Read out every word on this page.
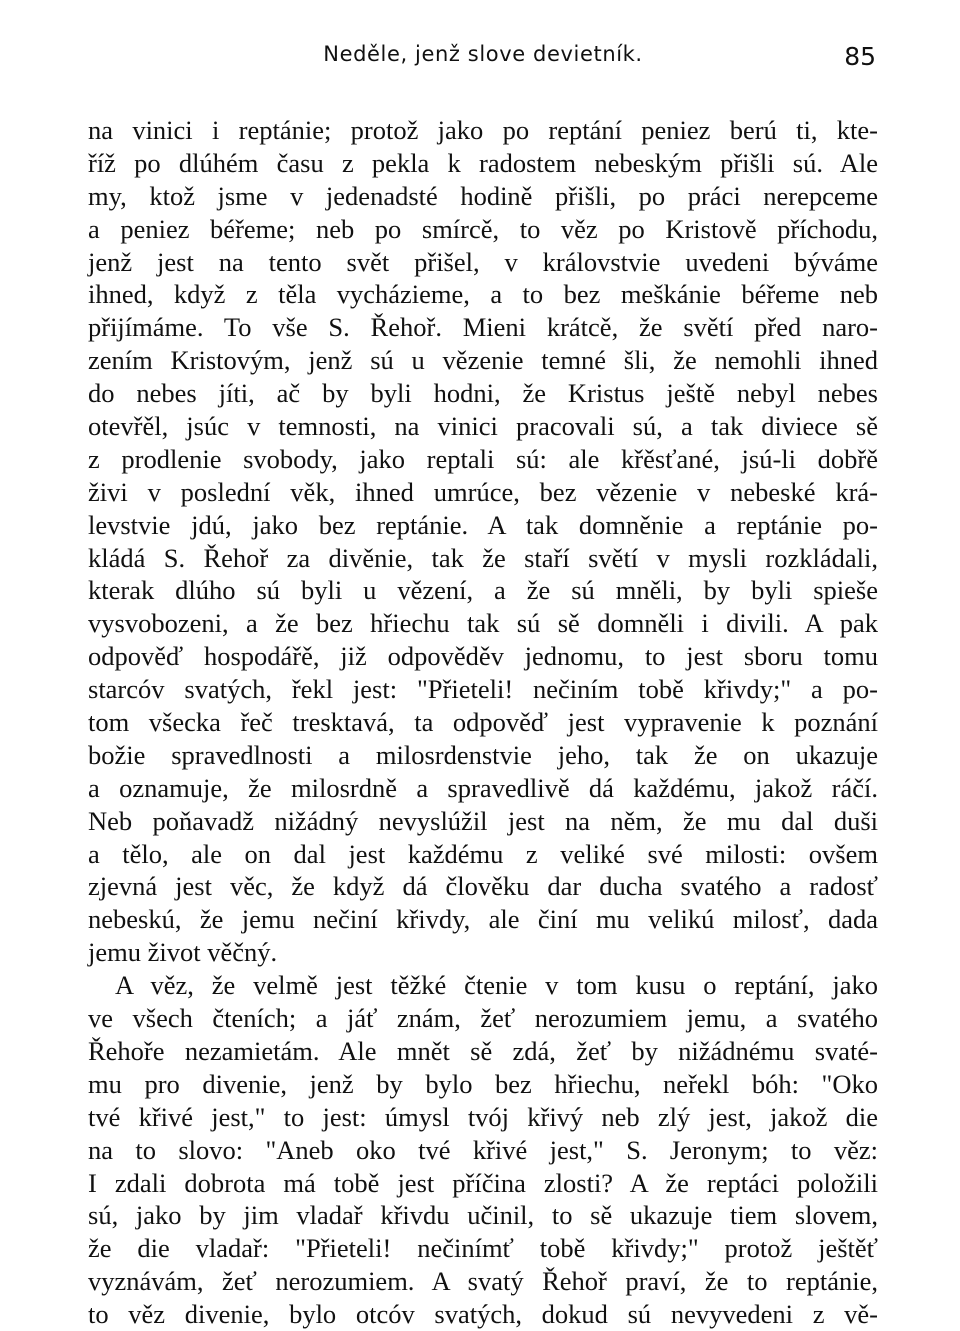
Neděle, jenž slove devietník.	85
na vinici i reptánie; protož jako po reptání peniez berú ti, kte-
říž po dlúhém času z pekla k radostem nebeským přišli sú. Ale
my, ktož jsme v jedenadsté hodině přišli, po práci nerepceme
a peniez béřeme; neb po smírcě, to věz po Kristově příchodu,
jenž jest na tento svět přišel, v královstvie uvedeni býváme
ihned, když z těla vycházieme, a to bez meškánie béřeme neb
přijímáme. To vše S. Řehoř. Mieni krátcě, že světí před naro-
zením Kristovým, jenž sú u vězenie temné šli, že nemohli ihned
do nebes jíti, ač by byli hodni, že Kristus ještě nebyl nebes
otevřěl, jsúc v temnosti, na vinici pracovali sú, a tak diviece sě
z prodlenie svobody, jako reptali sú: ale křěsťané, jsú-li dobřě
živi v poslední věk, ihned umrúce, bez vězenie v nebeské krá-
levstvie jdú, jako bez reptánie. A tak domněnie a reptánie po-
kládá S. Řehoř za divěnie, tak že staří světí v mysli rozkládali,
kterak dlúho sú byli u vězení, a že sú mněli, by byli spieše
vysvobozeni, a že bez hřiechu tak sú sě domněli i divili. A pak
odpověď hospodářě, již odpověděv jednomu, to jest sboru tomu
starcóv svatých, řekl jest: "Přieteli! nečiním tobě křivdy;" a po-
tom všecka řeč tresktavá, ta odpověď jest vypravenie k poznání
božie spravedlnosti a milosrdenstvie jeho, tak že on ukazuje
a oznamuje, že milosrdně a spravedlivě dá každému, jakož ráčí.
Neb poňavadž nižádný nevyslúžil jest na něm, že mu dal duši
a tělo, ale on dal jest každému z veliké své milosti: ovšem
zjevná jest věc, že když dá člověku dar ducha svatého a radosť
nebeskú, že jemu nečiní křivdy, ale činí mu velikú milosť, dada
jemu život věčný.
A věz, že velmě jest těžké čtenie v tom kusu o reptání, jako
ve všech čteních; a jáť znám, žeť nerozumiem jemu, a svatého
Řehoře nezamietám. Ale mnět sě zdá, žeť by nižádnému svaté-
mu pro divenie, jenž by bylo bez hřiechu, neřekl bóh: "Oko
tvé křivé jest," to jest: úmysl tvój křivý neb zlý jest, jakož die
na to slovo: "Aneb oko tvé křivé jest," S. Jeronym; to věz:
I zdali dobrota má tobě jest příčina zlosti? A že reptáci položili
sú, jako by jim vladař křivdu učinil, to sě ukazuje tiem slovem,
že die vladař: "Přieteli! nečinímť tobě křivdy;" protož ještěť
vyznávám, žeť nerozumiem. A svatý Řehoř praví, že to reptánie,
to věz divenie, bylo otcóv svatých, dokud sú nevyvedeni z vě-
